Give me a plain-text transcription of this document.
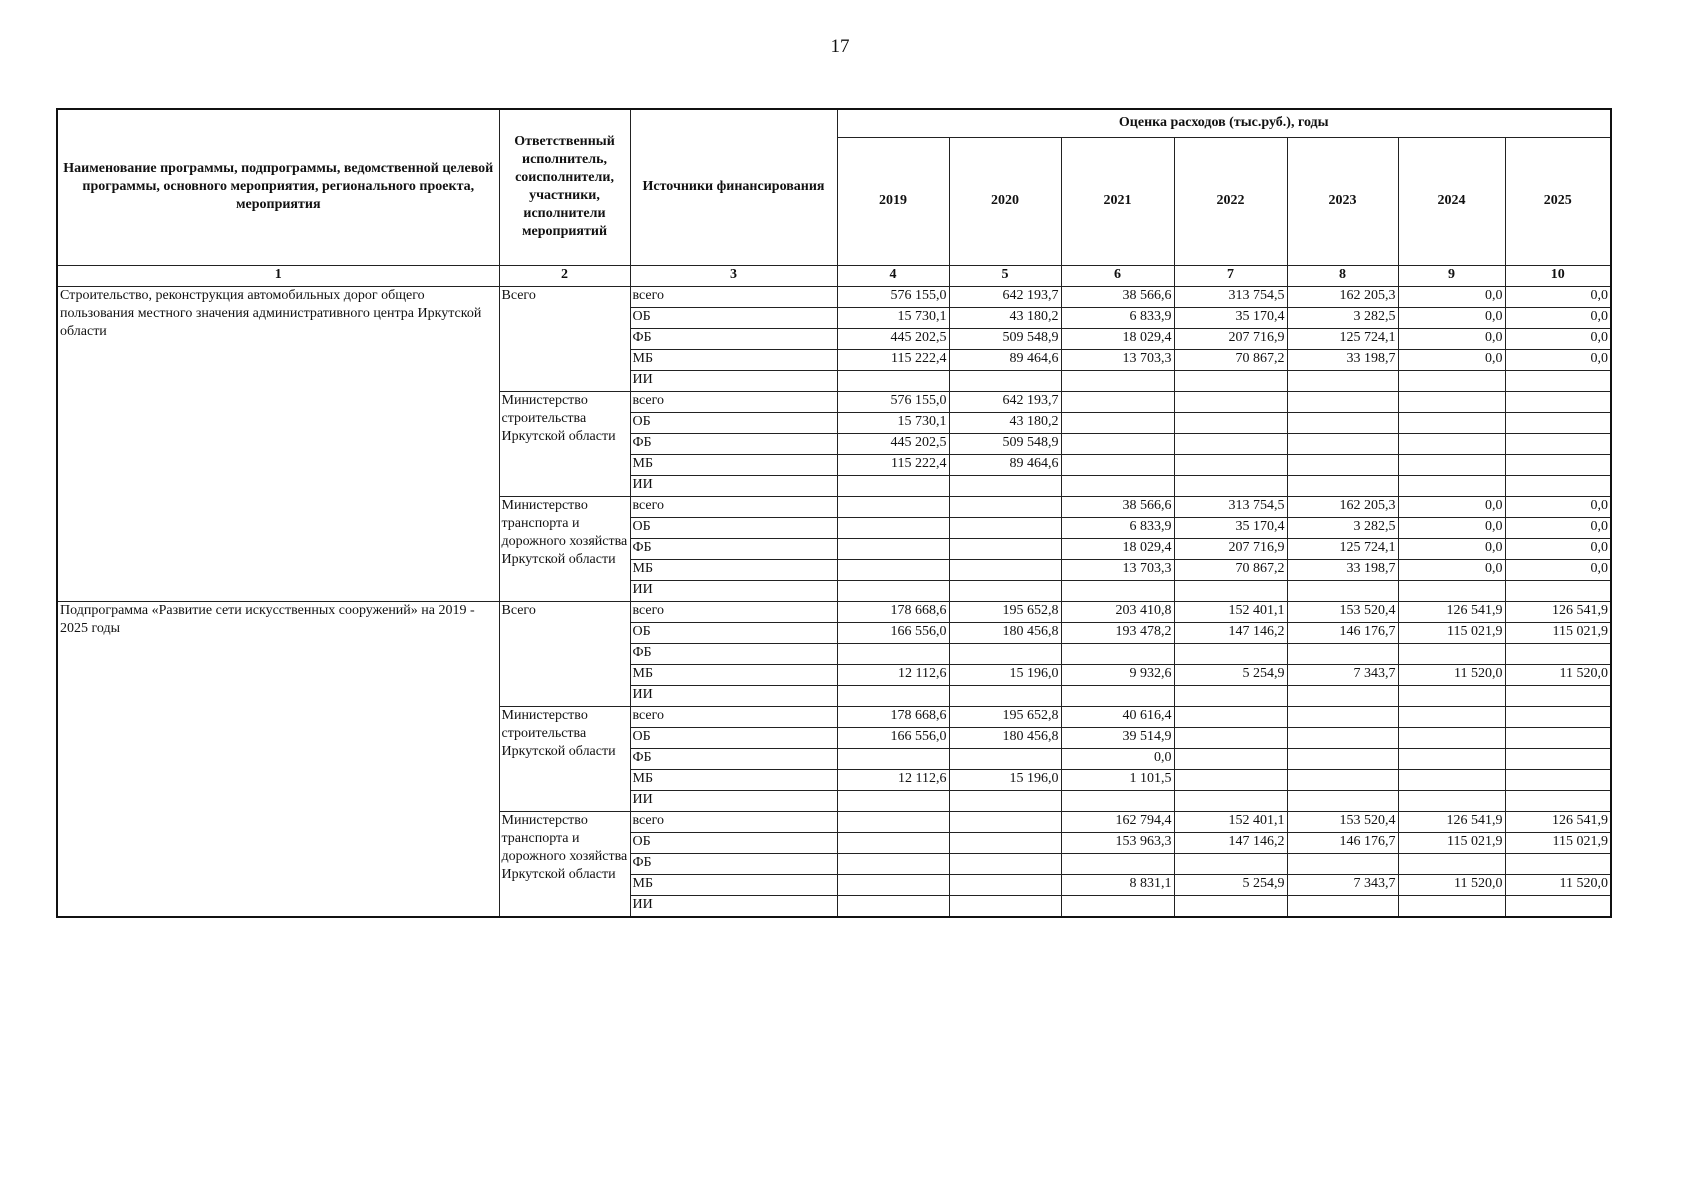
17
Наименование программы, подпрограммы, ведомственной целевой программы, основного мероприятия, регионального проекта, мероприятия	Ответственный исполнитель, соисполнители, участники, исполнители мероприятий	Источники финансирования	Оценка расходов (тыс.руб.), годы						
			2019	2020	2021	2022	2023	2024	2025
1	2	3	4	5	6	7	8	9	10
Строительство, реконструкция автомобильных дорог общего пользования местного значения административного центра Иркутской области	Всего	всего	576 155,0	642 193,7	38 566,6	313 754,5	162 205,3	0,0	0,0
		ОБ	15 730,1	43 180,2	6 833,9	35 170,4	3 282,5	0,0	0,0
		ФБ	445 202,5	509 548,9	18 029,4	207 716,9	125 724,1	0,0	0,0
		МБ	115 222,4	89 464,6	13 703,3	70 867,2	33 198,7	0,0	0,0
		ИИ							
	Министерство строительства Иркутской области	всего	576 155,0	642 193,7					
		ОБ	15 730,1	43 180,2					
		ФБ	445 202,5	509 548,9					
		МБ	115 222,4	89 464,6					
		ИИ							
	Министерство транспорта и дорожного хозяйства Иркутской области	всего			38 566,6	313 754,5	162 205,3	0,0	0,0
		ОБ			6 833,9	35 170,4	3 282,5	0,0	0,0
		ФБ			18 029,4	207 716,9	125 724,1	0,0	0,0
		МБ			13 703,3	70 867,2	33 198,7	0,0	0,0
		ИИ							
Подпрограмма «Развитие сети искусственных сооружений» на 2019 - 2025 годы	Всего	всего	178 668,6	195 652,8	203 410,8	152 401,1	153 520,4	126 541,9	126 541,9
		ОБ	166 556,0	180 456,8	193 478,2	147 146,2	146 176,7	115 021,9	115 021,9
		ФБ							
		МБ	12 112,6	15 196,0	9 932,6	5 254,9	7 343,7	11 520,0	11 520,0
		ИИ							
	Министерство строительства Иркутской области	всего	178 668,6	195 652,8	40 616,4				
		ОБ	166 556,0	180 456,8	39 514,9				
		ФБ			0,0				
		МБ	12 112,6	15 196,0	1 101,5				
		ИИ							
	Министерство транспорта и дорожного хозяйства Иркутской области	всего			162 794,4	152 401,1	153 520,4	126 541,9	126 541,9
		ОБ			153 963,3	147 146,2	146 176,7	115 021,9	115 021,9
		ФБ							
		МБ			8 831,1	5 254,9	7 343,7	11 520,0	11 520,0
		ИИ							
